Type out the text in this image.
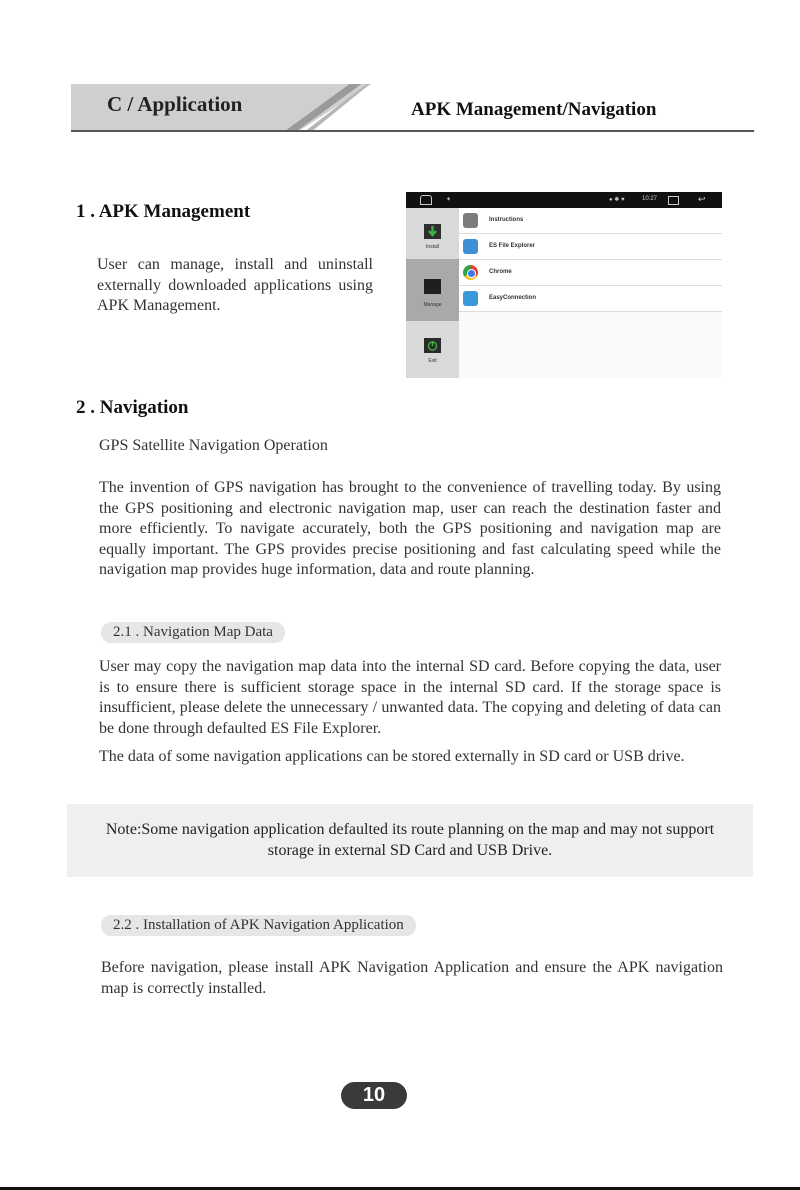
C / Application	APK Management/Navigation
1 . APK Management

User can manage, install and uninstall externally downloaded applications using APK Management.

✦	● ✱ ♥	10:27	↩
Install
Manage
Exit
Instructions
ES File Explorer
Chrome
EasyConnection
2 . Navigation

GPS Satellite Navigation Operation

The invention of GPS navigation has brought to the convenience of travelling today. By using the GPS positioning and electronic navigation map, user can reach the destination faster and more efficiently. To navigate accurately, both the GPS positioning and navigation map are equally important. The GPS provides precise positioning and fast calculating speed while the navigation map provides huge information, data and route planning.

2.1 . Navigation Map Data

User may copy the navigation map data into the internal SD card. Before copying the data, user is to ensure there is sufficient storage space in the internal SD card. If the storage space is insufficient, please delete the unnecessary / unwanted data. The copying and deleting of data can be done through defaulted ES File Explorer.

The data of some navigation applications can be stored externally in SD card or USB drive.

Note:Some navigation application defaulted its route planning on the map and may not support storage in external SD Card and USB Drive.

2.2 . Installation of APK Navigation Application

Before navigation, please install APK Navigation Application and ensure the APK navigation map is correctly installed.

10
